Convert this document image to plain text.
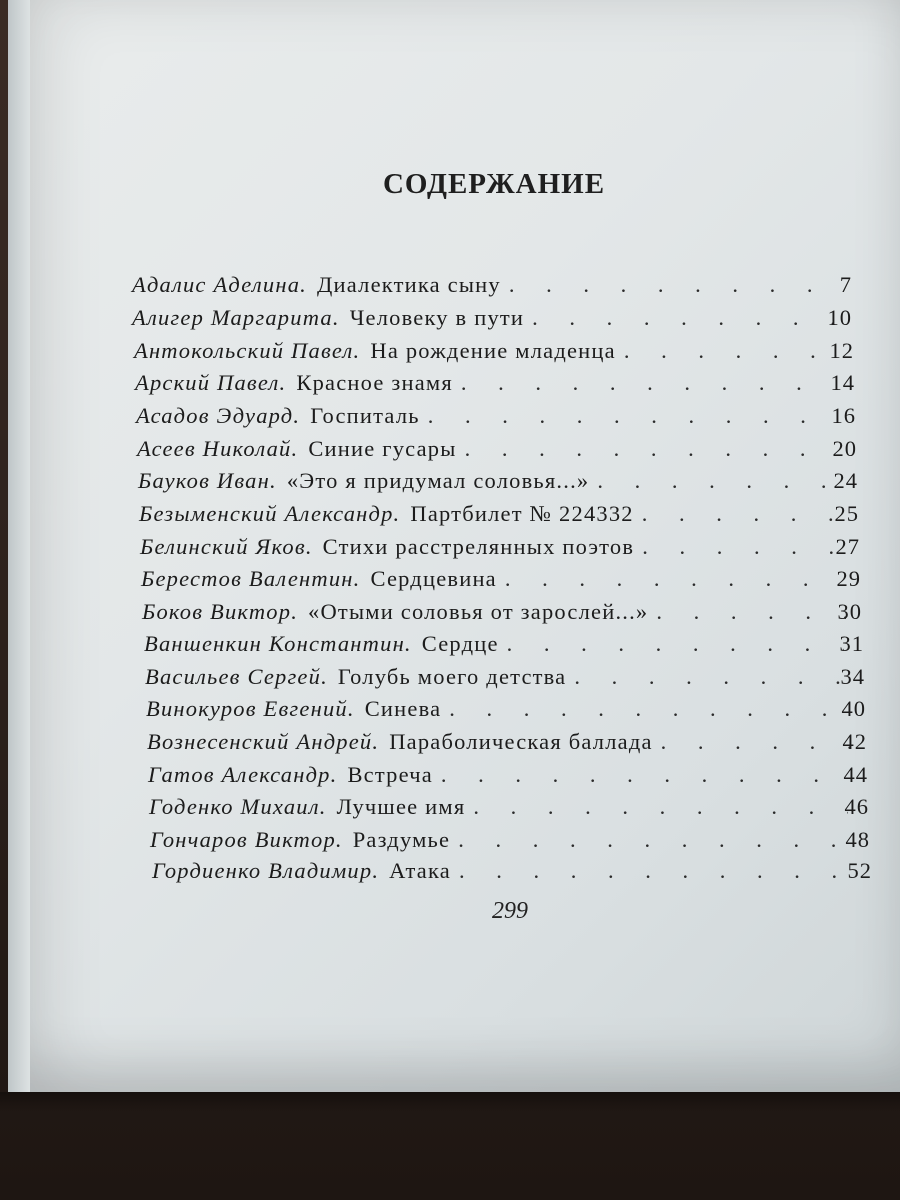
СОДЕРЖАНИЕ
Адалис Аделина. Диалектика сыну . . .	7
Алигер Маргарита. Человеку в пути . . .	10
Антокольский Павел. На рождение младенца . . .	12
Арский Павел. Красное знамя . . .	14
Асадов Эдуард. Госпиталь . . .	16
Асеев Николай. Синие гусары . . .	20
Бауков Иван. «Это я придумал соловья...» . . .	24
Безыменский Александр. Партбилет № 224332 . . .	25
Белинский Яков. Стихи расстрелянных поэтов . . .	27
Берестов Валентин. Сердцевина . . .	29
Боков Виктор. «Отыми соловья от зарослей...» . . .	30
Ваншенкин Константин. Сердце . . .	31
Васильев Сергей. Голубь моего детства . . .	34
Винокуров Евгений. Синева . . .	40
Вознесенский Андрей. Параболическая баллада . . .	42
Гатов Александр. Встреча . . .	44
Годенко Михаил. Лучшее имя . . .	46
Гончаров Виктор. Раздумье . . .	48
Гордиенко Владимир. Атака . . .	52
299
